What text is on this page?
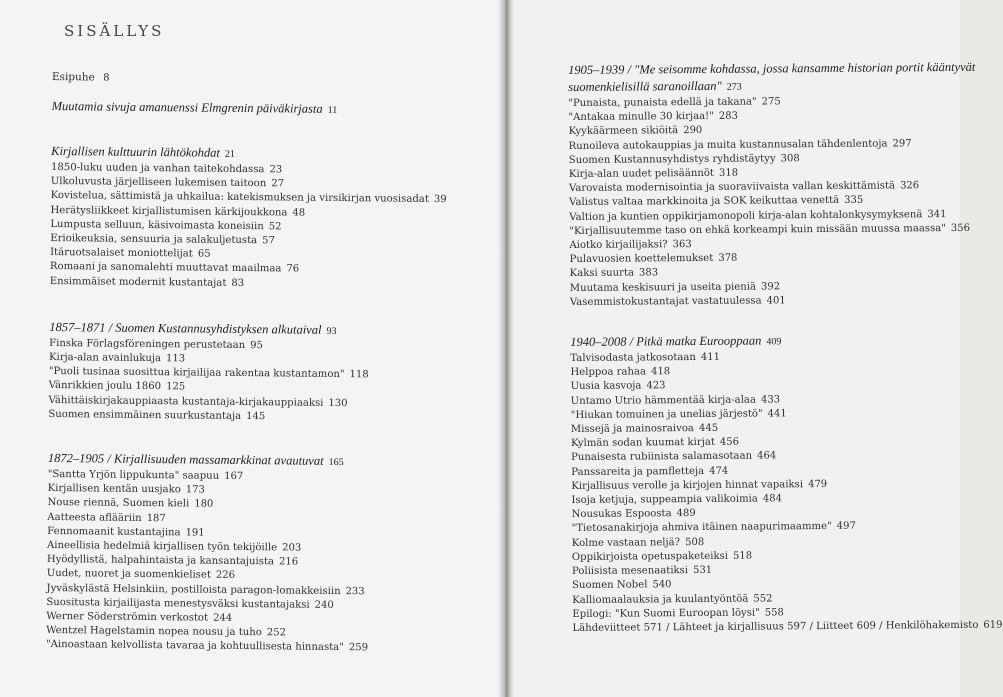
SISÄLLYS
Esipuhe 8
Muutamia sivuja amanuenssi Elmgrenin päiväkirjasta 11
Kirjallisen kulttuurin lähtökohdat 21
1850-luku uuden ja vanhan taitekohdassa 23
Ulkoluvusta järjelliseen lukemisen taitoon 27
Kovistelua, sättimistä ja uhkailua: katekismuksen ja virsikirjan vuosisadat 39
Herätysliikkeet kirjallistumisen kärkijoukkona 48
Lumpusta selluun, käsivoimasta koneisiin 52
Erioikeuksia, sensuuria ja salakuljetusta 57
Itäruotsalaiset moniottelijat 65
Romaani ja sanomalehti muuttavat maailmaa 76
Ensimmäiset modernit kustantajat 83
1857–1871 / Suomen Kustannusyhdistyksen alkutaival 93
Finska Förlagsföreningen perustetaan 95
Kirja-alan avainlukuja 113
"Puoli tusinaa suosittua kirjailijaa rakentaa kustantamon" 118
Vänrikkien joulu 1860 125
Vähittäiskirjakauppiaasta kustantaja-kirjakauppiaaksi 130
Suomen ensimmäinen suurkustantaja 145
1872–1905 / Kirjallisuuden massamarkkinat avautuvat 165
"Santta Yrjön lippukunta" saapuu 167
Kirjallisen kentän uusjako 173
Nouse riennä, Suomen kieli 180
Aatteesta aflääriin 187
Fennomaanit kustantajina 191
Aineellisia hedelmiä kirjallisen työn tekijöille 203
Hyödyllistä, halpahintaista ja kansantajuista 216
Uudet, nuoret ja suomenkieliset 226
Jyväskylästä Helsinkiin, postilloista paragon-lomakkeisiin 233
Suositusta kirjailijasta menestysväksi kustantajaksi 240
Werner Söderströmin verkostot 244
Wentzel Hagelstamin nopea nousu ja tuho 252
"Ainoastaan kelvollista tavaraa ja kohtuullisesta hinnasta" 259
1905–1939 / "Me seisomme kohdassa, jossa kansamme historian portit kääntyvät
suomenkielisillä saranoillaan" 273
"Punaista, punaista edellä ja takana" 275
"Antakaa minulle 30 kirjaa!" 283
Kyykäärmeen sikiöitä 290
Runoileva autokauppias ja muita kustannusalan tähdenlentoja 297
Suomen Kustannusyhdistys ryhdistäytyy 308
Kirja-alan uudet pelisäännöt 318
Varovaista modernisointia ja suoraviivaista vallan keskittämistä 326
Valistus valtaa markkinoita ja SOK keikuttaa venettä 335
Valtion ja kuntien oppikirjamonopoli kirja-alan kohtalonkysymyksenä 341
"Kirjallisuutemme taso on ehkä korkeampi kuin missään muussa maassa" 356
Aiotko kirjailijaksi? 363
Pulavuosien koettelemukset 378
Kaksi suurta 383
Muutama keskisuuri ja useita pieniä 392
Vasemmistokustantajat vastatuulessa 401
1940–2008 / Pitkä matka Eurooppaan 409
Talvisodasta jatkosotaan 411
Helppoa rahaa 418
Uusia kasvoja 423
Untamo Utrio hämmentää kirja-alaa 433
"Hiukan tomuinen ja unelias järjestö" 441
Missejä ja mainosraivoa 445
Kylmän sodan kuumat kirjat 456
Punaisesta rubiinista salamasotaan 464
Panssareita ja pamfletteja 474
Kirjallisuus verolle ja kirjojen hinnat vapaiksi 479
Isoja ketjuja, suppeampia valikoimia 484
Nousukas Espoosta 489
"Tietosanakirjoja ahmiva itäinen naapurimaamme" 497
Kolme vastaan neljä? 508
Oppikirjoista opetuspaketeiksi 518
Poliisista mesenaatiksi 531
Suomen Nobel 540
Kalliomaalauksia ja kuulantyöntöä 552
Epilogi: "Kun Suomi Euroopan löysi" 558
Lähdeviitteet 571 / Lähteet ja kirjallisuus 597 / Liitteet 609 / Henkilöhakemisto 619
